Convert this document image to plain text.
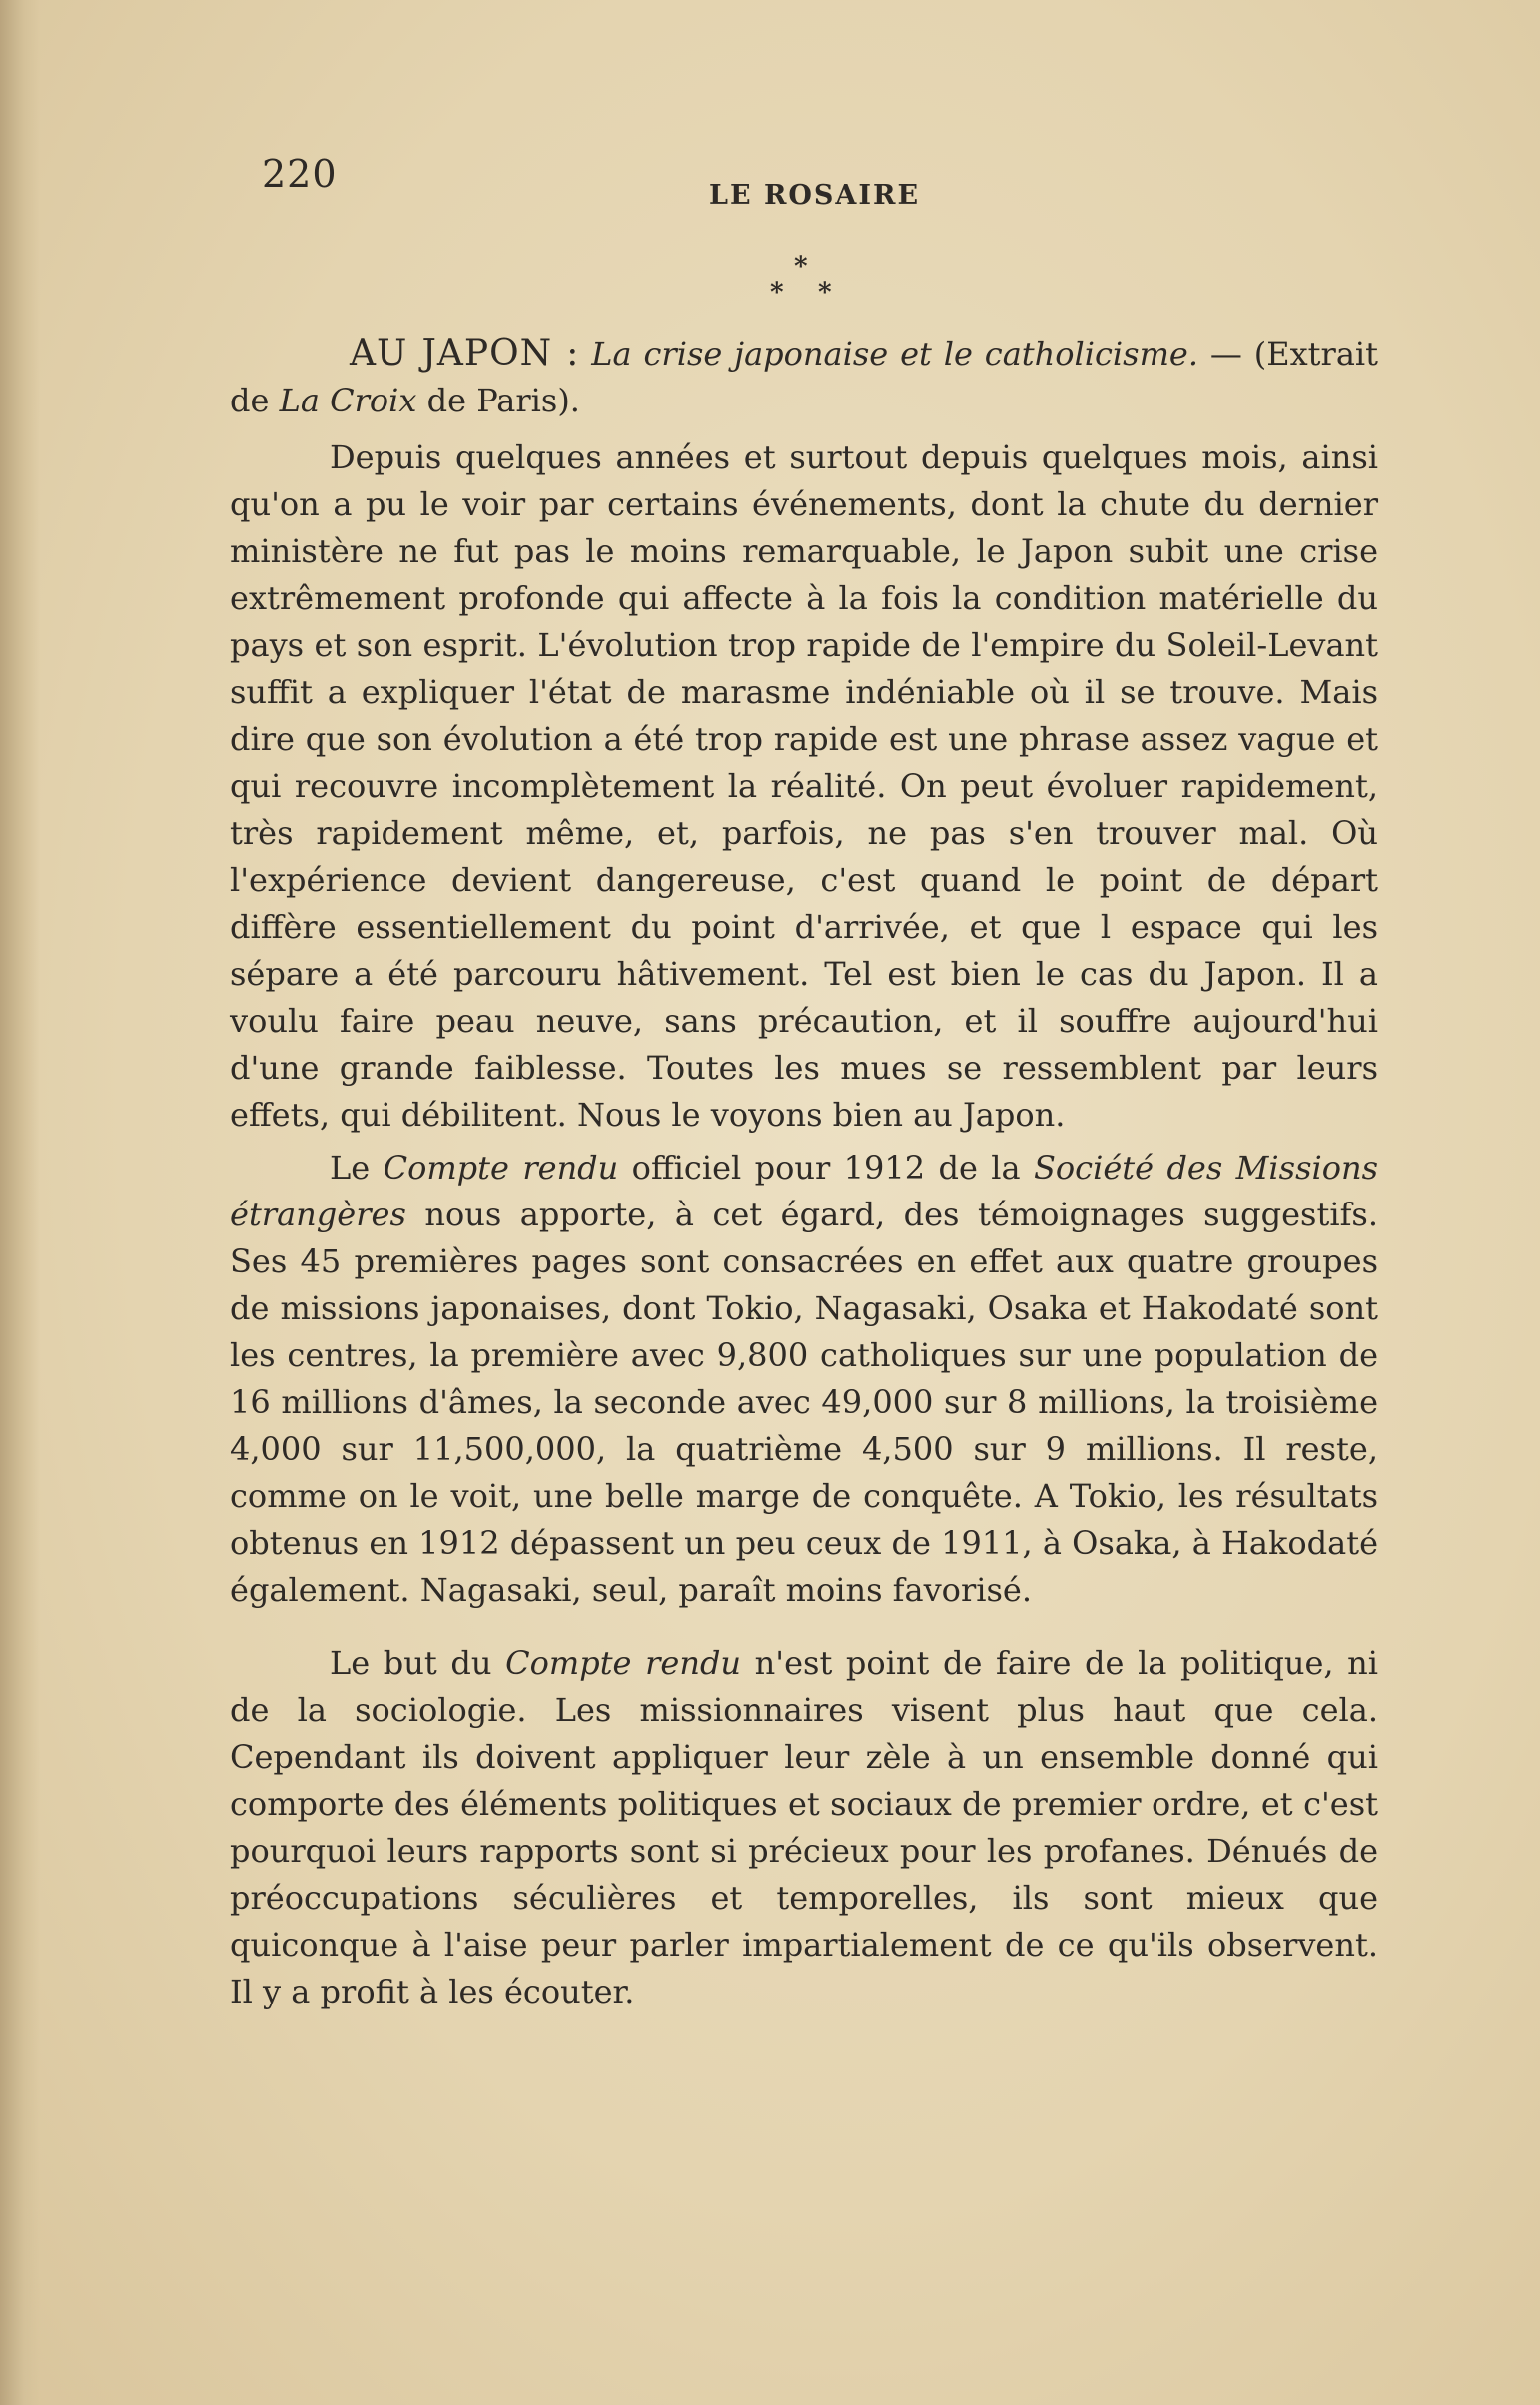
220	LE ROSAIRE
*
* *

AU JAPON : La crise japonaise et le catholicisme. — (Extrait de La Croix de Paris).

Depuis quelques années et surtout depuis quelques mois, ainsi qu'on a pu le voir par certains événements, dont la chute du dernier ministère ne fut pas le moins remarquable, le Japon subit une crise extrêmement profonde qui affecte à la fois la condition matérielle du pays et son esprit. L'évolution trop rapide de l'empire du Soleil-Levant suffit a expliquer l'état de marasme indéniable où il se trouve. Mais dire que son évolution a été trop rapide est une phrase assez vague et qui recouvre incomplètement la réalité. On peut évoluer rapidement, très rapidement même, et, parfois, ne pas s'en trouver mal. Où l'expérience devient dangereuse, c'est quand le point de départ diffère essentiellement du point d'arrivée, et que l espace qui les sépare a été parcouru hâtivement. Tel est bien le cas du Japon. Il a voulu faire peau neuve, sans précaution, et il souffre aujourd'hui d'une grande faiblesse. Toutes les mues se ressemblent par leurs effets, qui débilitent. Nous le voyons bien au Japon.

Le Compte rendu officiel pour 1912 de la Société des Missions étrangères nous apporte, à cet égard, des témoignages suggestifs. Ses 45 premières pages sont consacrées en effet aux quatre groupes de missions japonaises, dont Tokio, Nagasaki, Osaka et Hakodaté sont les centres, la première avec 9,800 catholiques sur une population de 16 millions d'âmes, la seconde avec 49,000 sur 8 millions, la troisième 4,000 sur 11,500,000, la quatrième 4,500 sur 9 millions. Il reste, comme on le voit, une belle marge de conquête. A Tokio, les résultats obtenus en 1912 dépassent un peu ceux de 1911, à Osaka, à Hakodaté également. Nagasaki, seul, paraît moins favorisé.

Le but du Compte rendu n'est point de faire de la politique, ni de la sociologie. Les missionnaires visent plus haut que cela. Cependant ils doivent appliquer leur zèle à un ensemble donné qui comporte des éléments politiques et sociaux de premier ordre, et c'est pourquoi leurs rapports sont si précieux pour les profanes. Dénués de préoccupations séculières et temporelles, ils sont mieux que quiconque à l'aise peur parler impartialement de ce qu'ils observent. Il y a profit à les écouter.
